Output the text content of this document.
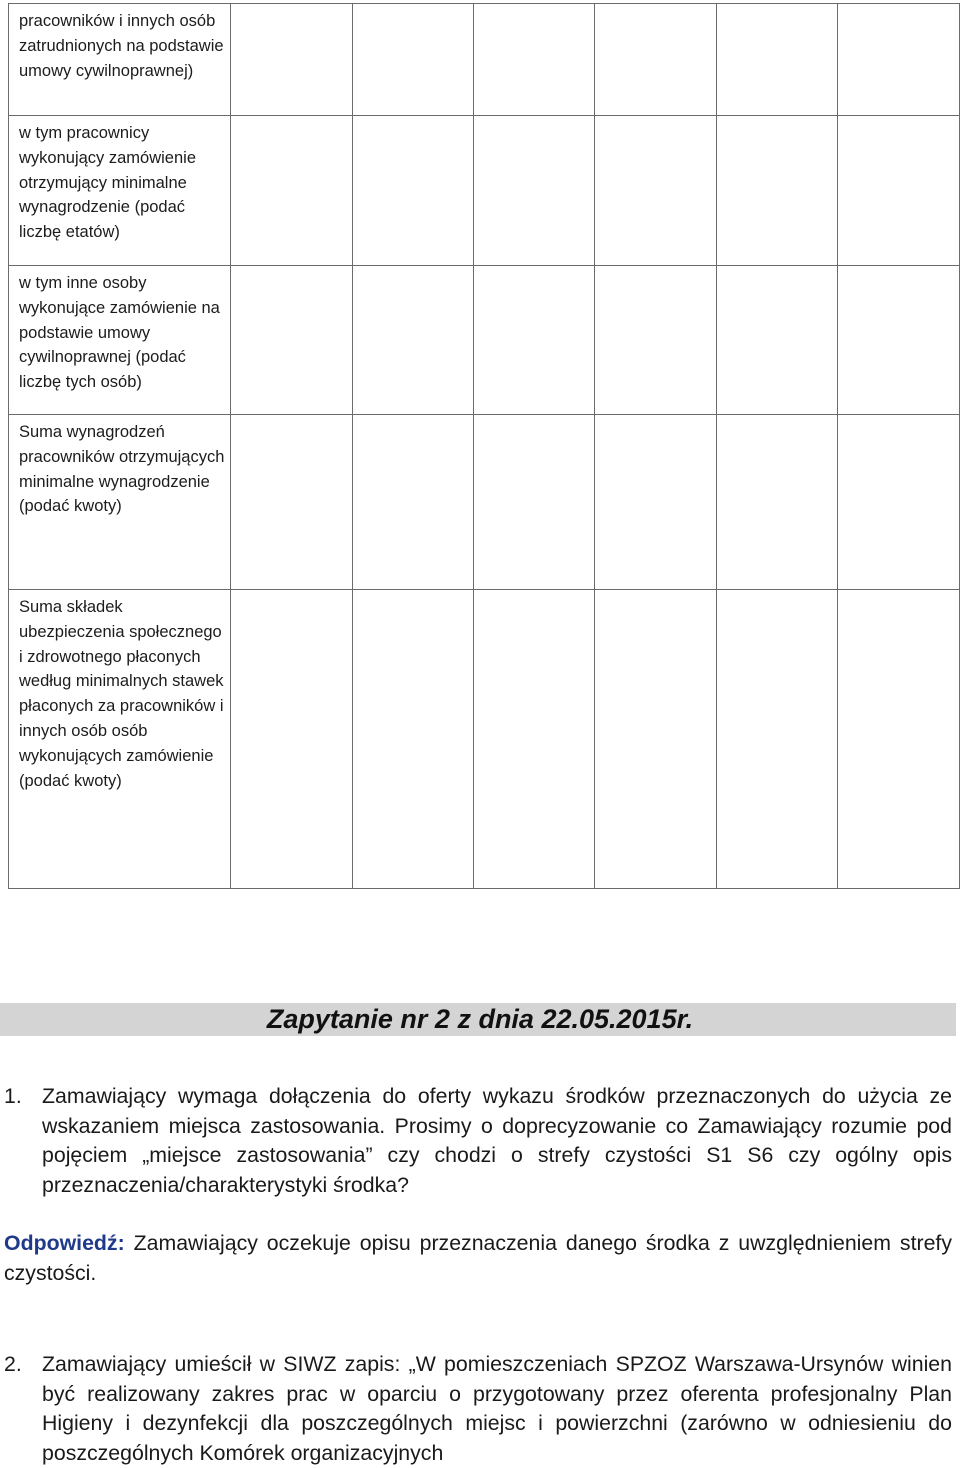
pracowników i innych osób zatrudnionych na podstawie umowy cywilnoprawnej)						
w tym pracownicy wykonujący zamówienie otrzymujący minimalne wynagrodzenie (podać liczbę etatów)						
w tym inne osoby wykonujące zamówienie na podstawie umowy cywilnoprawnej (podać liczbę tych osób)						
Suma wynagrodzeń pracowników otrzymujących minimalne wynagrodzenie (podać kwoty)						
Suma składek ubezpieczenia społecznego i zdrowotnego płaconych według minimalnych stawek płaconych za pracowników i innych osób osób wykonujących zamówienie (podać kwoty)						
Zapytanie nr 2 z dnia 22.05.2015r.
1. Zamawiający wymaga dołączenia do oferty wykazu środków przeznaczonych do użycia ze wskazaniem miejsca zastosowania. Prosimy o doprecyzowanie co Zamawiający rozumie pod pojęciem „miejsce zastosowania” czy chodzi o strefy czystości S1 S6 czy ogólny opis przeznaczenia/charakterystyki środka?
Odpowiedź: Zamawiający oczekuje opisu przeznaczenia danego środka z uwzględnieniem strefy czystości.
2. Zamawiający umieścił w SIWZ zapis: „W pomieszczeniach SPZOZ Warszawa-Ursynów winien być realizowany zakres prac w oparciu o przygotowany przez oferenta profesjonalny Plan Higieny i dezynfekcji dla poszczególnych miejsc i powierzchni (zarówno w odniesieniu do poszczególnych Komórek organizacyjnych
